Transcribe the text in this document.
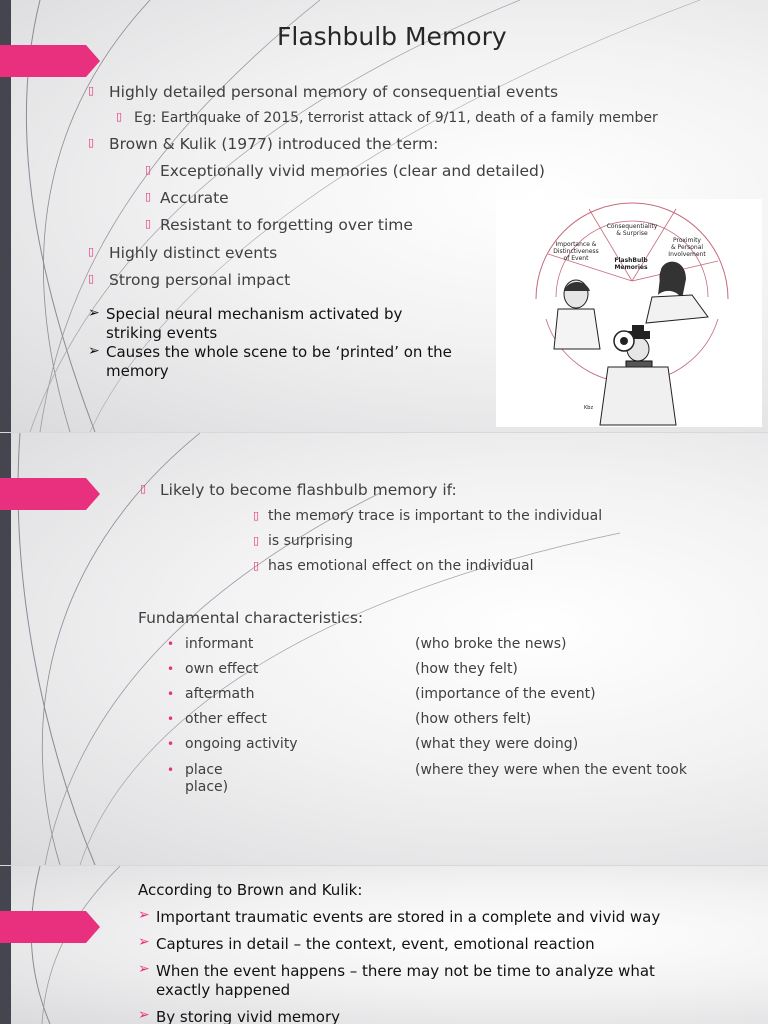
Flashbulb Memory
▯ Highly detailed personal memory of consequential events
▯ Eg: Earthquake of 2015, terrorist attack of 9/11, death of a family member
▯ Brown & Kulik (1977) introduced the term:
▯ Exceptionally vivid memories (clear and detailed)
▯ Accurate
▯ Resistant to forgetting over time
▯ Highly distinct events
▯ Strong personal impact
➢ Special neural mechanism activated by
striking events
➢ Causes the whole scene to be ‘printed’ on the
memory
Kbz
Consequentiality
& Surprise
Importance &
Distinctiveness
of Event
Proximity
& Personal
Involvement
FlashBulb
Memories
▯ Likely to become flashbulb memory if:
▯ the memory trace is important to the individual
▯ is surprising
▯ has emotional effect on the individual
Fundamental characteristics:
• informant	(who broke the news)
• own effect	(how they felt)
• aftermath	(importance of the event)
• other effect	(how others felt)
• ongoing activity	(what they were doing)
• place	(where they were when the event took
place)
According to Brown and Kulik:
➢ Important traumatic events are stored in a complete and vivid way
➢ Captures in detail – the context, event, emotional reaction
➢ When the event happens – there may not be time to analyze what
exactly happened
➢ By storing vivid memory
